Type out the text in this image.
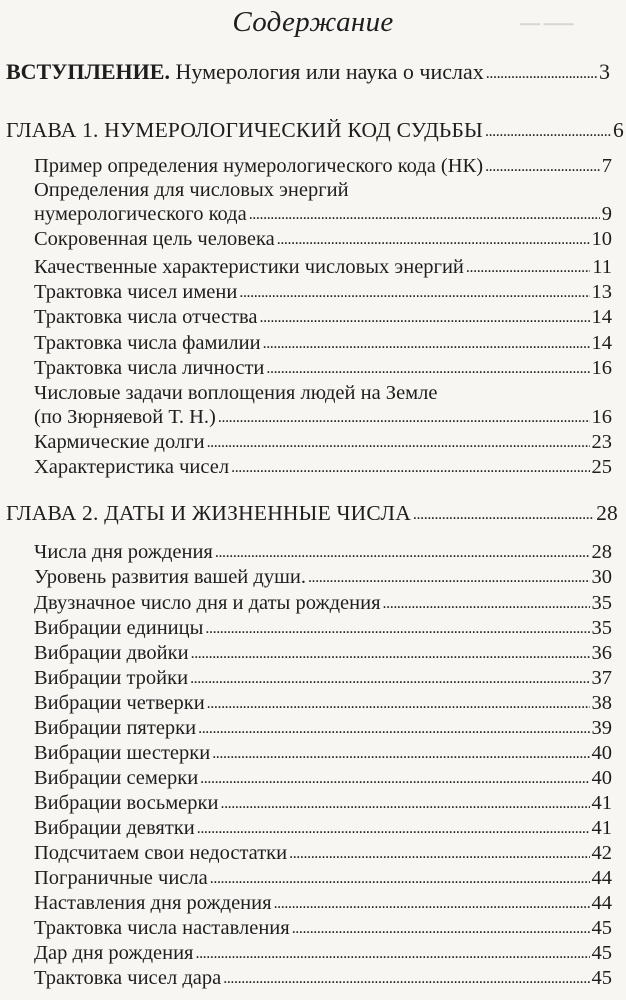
▁▁ ▁▁▁
Содержание
ВСТУПЛЕНИЕ. Нумерология или наука о числах . . .	3
ГЛАВА 1. НУМЕРОЛОГИЧЕСКИЙ КОД СУДЬБЫ . . .	6
Пример определения нумерологического кода (НК) . . .	7
Определения для числовых энергий
нумерологического кода . . .	9
Сокровенная цель человека . . .	10
Качественные характеристики числовых энергий . . .	11
Трактовка чисел имени . . .	13
Трактовка числа отчества . . .	14
Трактовка числа фамилии . . .	14
Трактовка числа личности . . .	16
Числовые задачи воплощения людей на Земле
(по Зюрняевой Т. Н.) . . .	16
Кармические долги . . .	23
Характеристика чисел . . .	25
ГЛАВА 2. ДАТЫ И ЖИЗНЕННЫЕ ЧИСЛА . . .	28
Числа дня рождения . . .	28
Уровень развития вашей души. . . .	30
Двузначное число дня и даты рождения . . .	35
Вибрации единицы . . .	35
Вибрации двойки . . .	36
Вибрации тройки . . .	37
Вибрации четверки . . .	38
Вибрации пятерки . . .	39
Вибрации шестерки . . .	40
Вибрации семерки . . .	40
Вибрации восьмерки . . .	41
Вибрации девятки . . .	41
Подсчитаем свои недостатки . . .	42
Пограничные числа . . .	44
Наставления дня рождения . . .	44
Трактовка числа наставления . . .	45
Дар дня рождения . . .	45
Трактовка чисел дара . . .	45
